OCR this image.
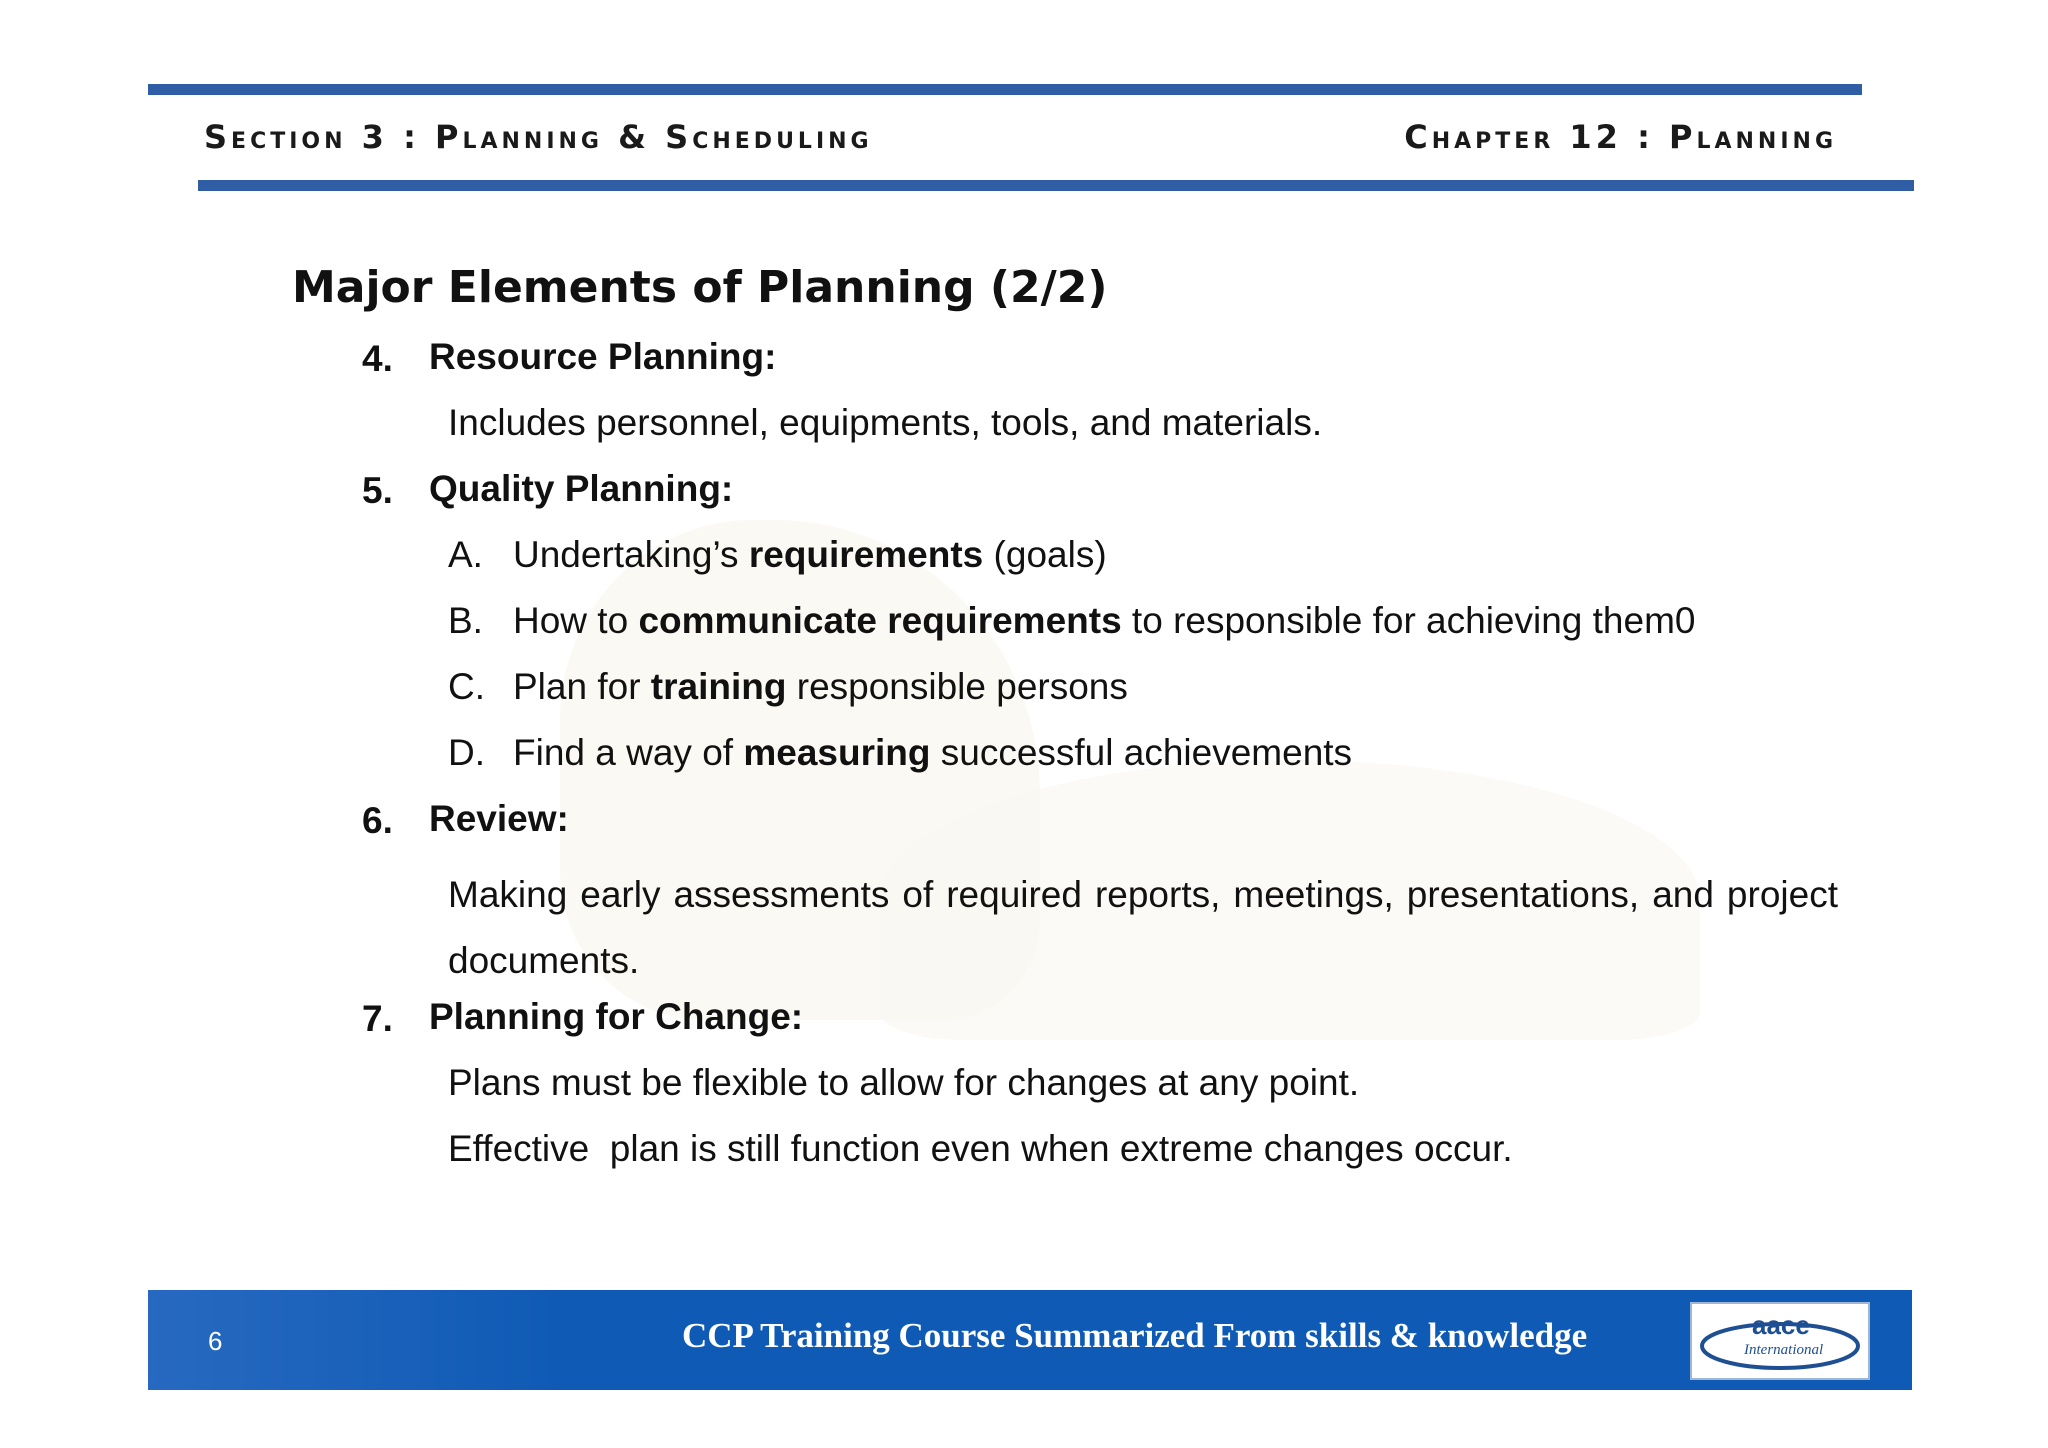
Section 3 : Planning & Scheduling	Chapter 12 : Planning
Major Elements of Planning (2/2)
4. Resource Planning:
Includes personnel, equipments, tools, and materials.
5. Quality Planning:
A. Undertaking’s requirements (goals)
B. How to communicate requirements to responsible for achieving them0
C. Plan for training responsible persons
D. Find a way of measuring successful achievements
6. Review:
Making early assessments of required reports, meetings, presentations, and project documents.
7. Planning for Change:
Plans must be flexible to allow for changes at any point.
Effective  plan is still function even when extreme changes occur.
6	CCP Training Course Summarized From skills & knowledge	aace
International
